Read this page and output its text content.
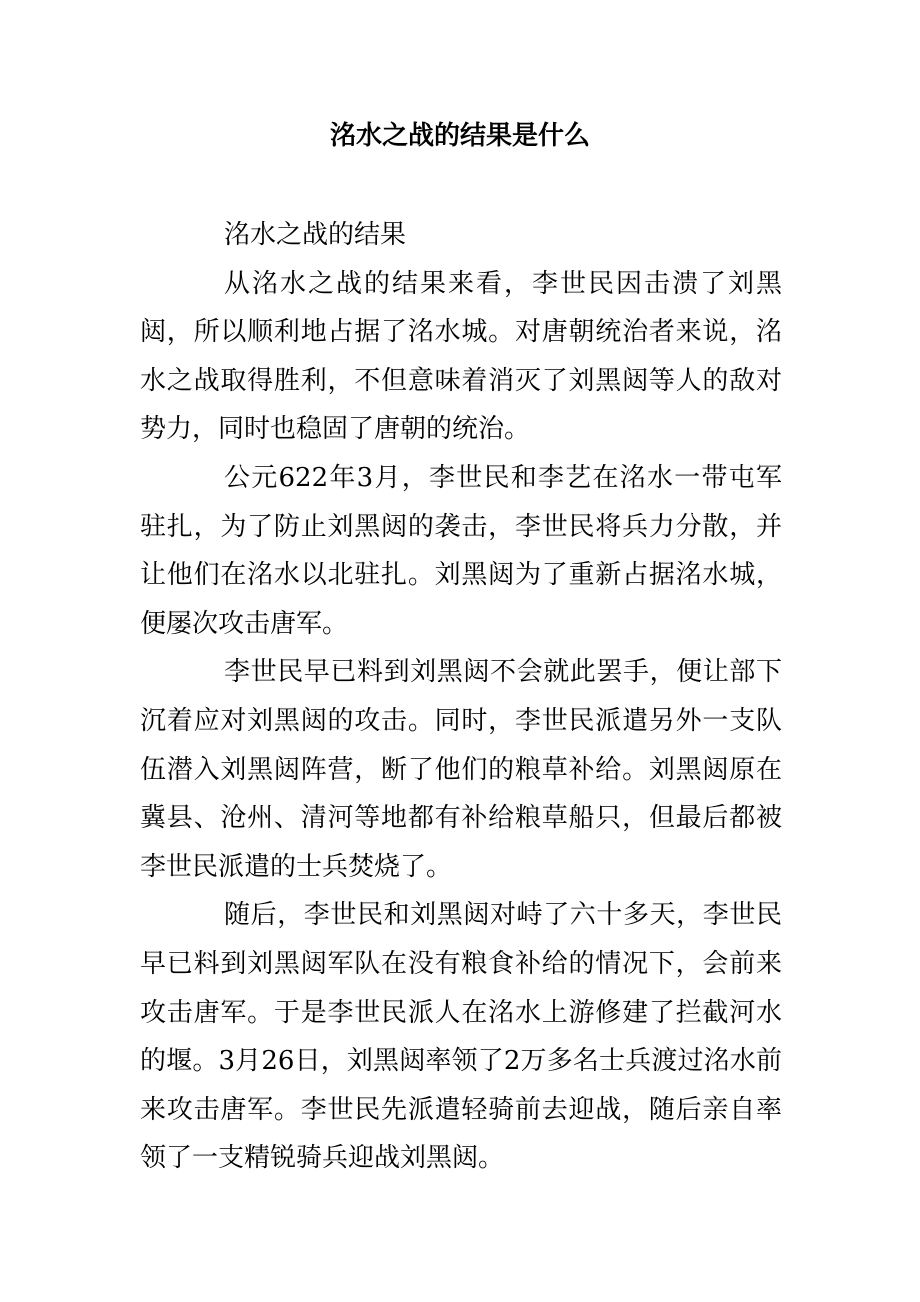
洺水之战的结果是什么

洺水之战的结果

从洺水之战的结果来看，李世民因击溃了刘黑闼，所以顺利地占据了洺水城。对唐朝统治者来说，洺水之战取得胜利，不但意味着消灭了刘黑闼等人的敌对势力，同时也稳固了唐朝的统治。

公元622年3月，李世民和李艺在洺水一带屯军驻扎，为了防止刘黑闼的袭击，李世民将兵力分散，并让他们在洺水以北驻扎。刘黑闼为了重新占据洺水城，便屡次攻击唐军。

李世民早已料到刘黑闼不会就此罢手，便让部下沉着应对刘黑闼的攻击。同时，李世民派遣另外一支队伍潜入刘黑闼阵营，断了他们的粮草补给。刘黑闼原在冀县、沧州、清河等地都有补给粮草船只，但最后都被李世民派遣的士兵焚烧了。

随后，李世民和刘黑闼对峙了六十多天，李世民早已料到刘黑闼军队在没有粮食补给的情况下，会前来攻击唐军。于是李世民派人在洺水上游修建了拦截河水的堰。3月26日，刘黑闼率领了2万多名士兵渡过洺水前来攻击唐军。李世民先派遣轻骑前去迎战，随后亲自率领了一支精锐骑兵迎战刘黑闼。
